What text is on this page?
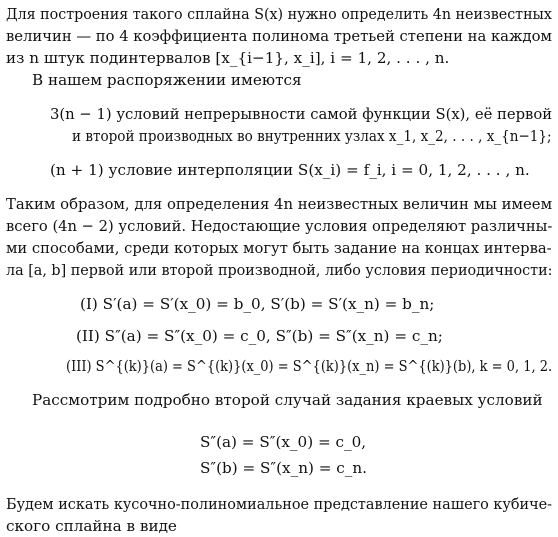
Для построения такого сплайна S(x) нужно определить 4n неизвестных
величин — по 4 коэффициента полинома третьей степени на каждом
из n штук подинтервалов [x_{i−1}, x_i], i = 1, 2, . . . , n.
В нашем распоряжении имеются
3(n − 1) условий непрерывности самой функции S(x), её первой
и второй производных во внутренних узлах x_1, x_2, . . . , x_{n−1};
(n + 1) условие интерполяции S(x_i) = f_i, i = 0, 1, 2, . . . , n.
Таким образом, для определения 4n неизвестных величин мы имеем
всего (4n − 2) условий. Недостающие условия определяют различны-
ми способами, среди которых могут быть задание на концах интерва-
ла [a, b] первой или второй производной, либо условия периодичности:
(I) S′(a) = S′(x_0) = b_0, S′(b) = S′(x_n) = b_n;
(II) S″(a) = S″(x_0) = c_0, S″(b) = S″(x_n) = c_n;
(III) S^{(k)}(a) = S^{(k)}(x_0) = S^{(k)}(x_n) = S^{(k)}(b), k = 0, 1, 2.
Рассмотрим подробно второй случай задания краевых условий
S″(a) = S″(x_0) = c_0,
S″(b) = S″(x_n) = c_n.
Будем искать кусочно-полиномиальное представление нашего кубиче-
ского сплайна в виде
